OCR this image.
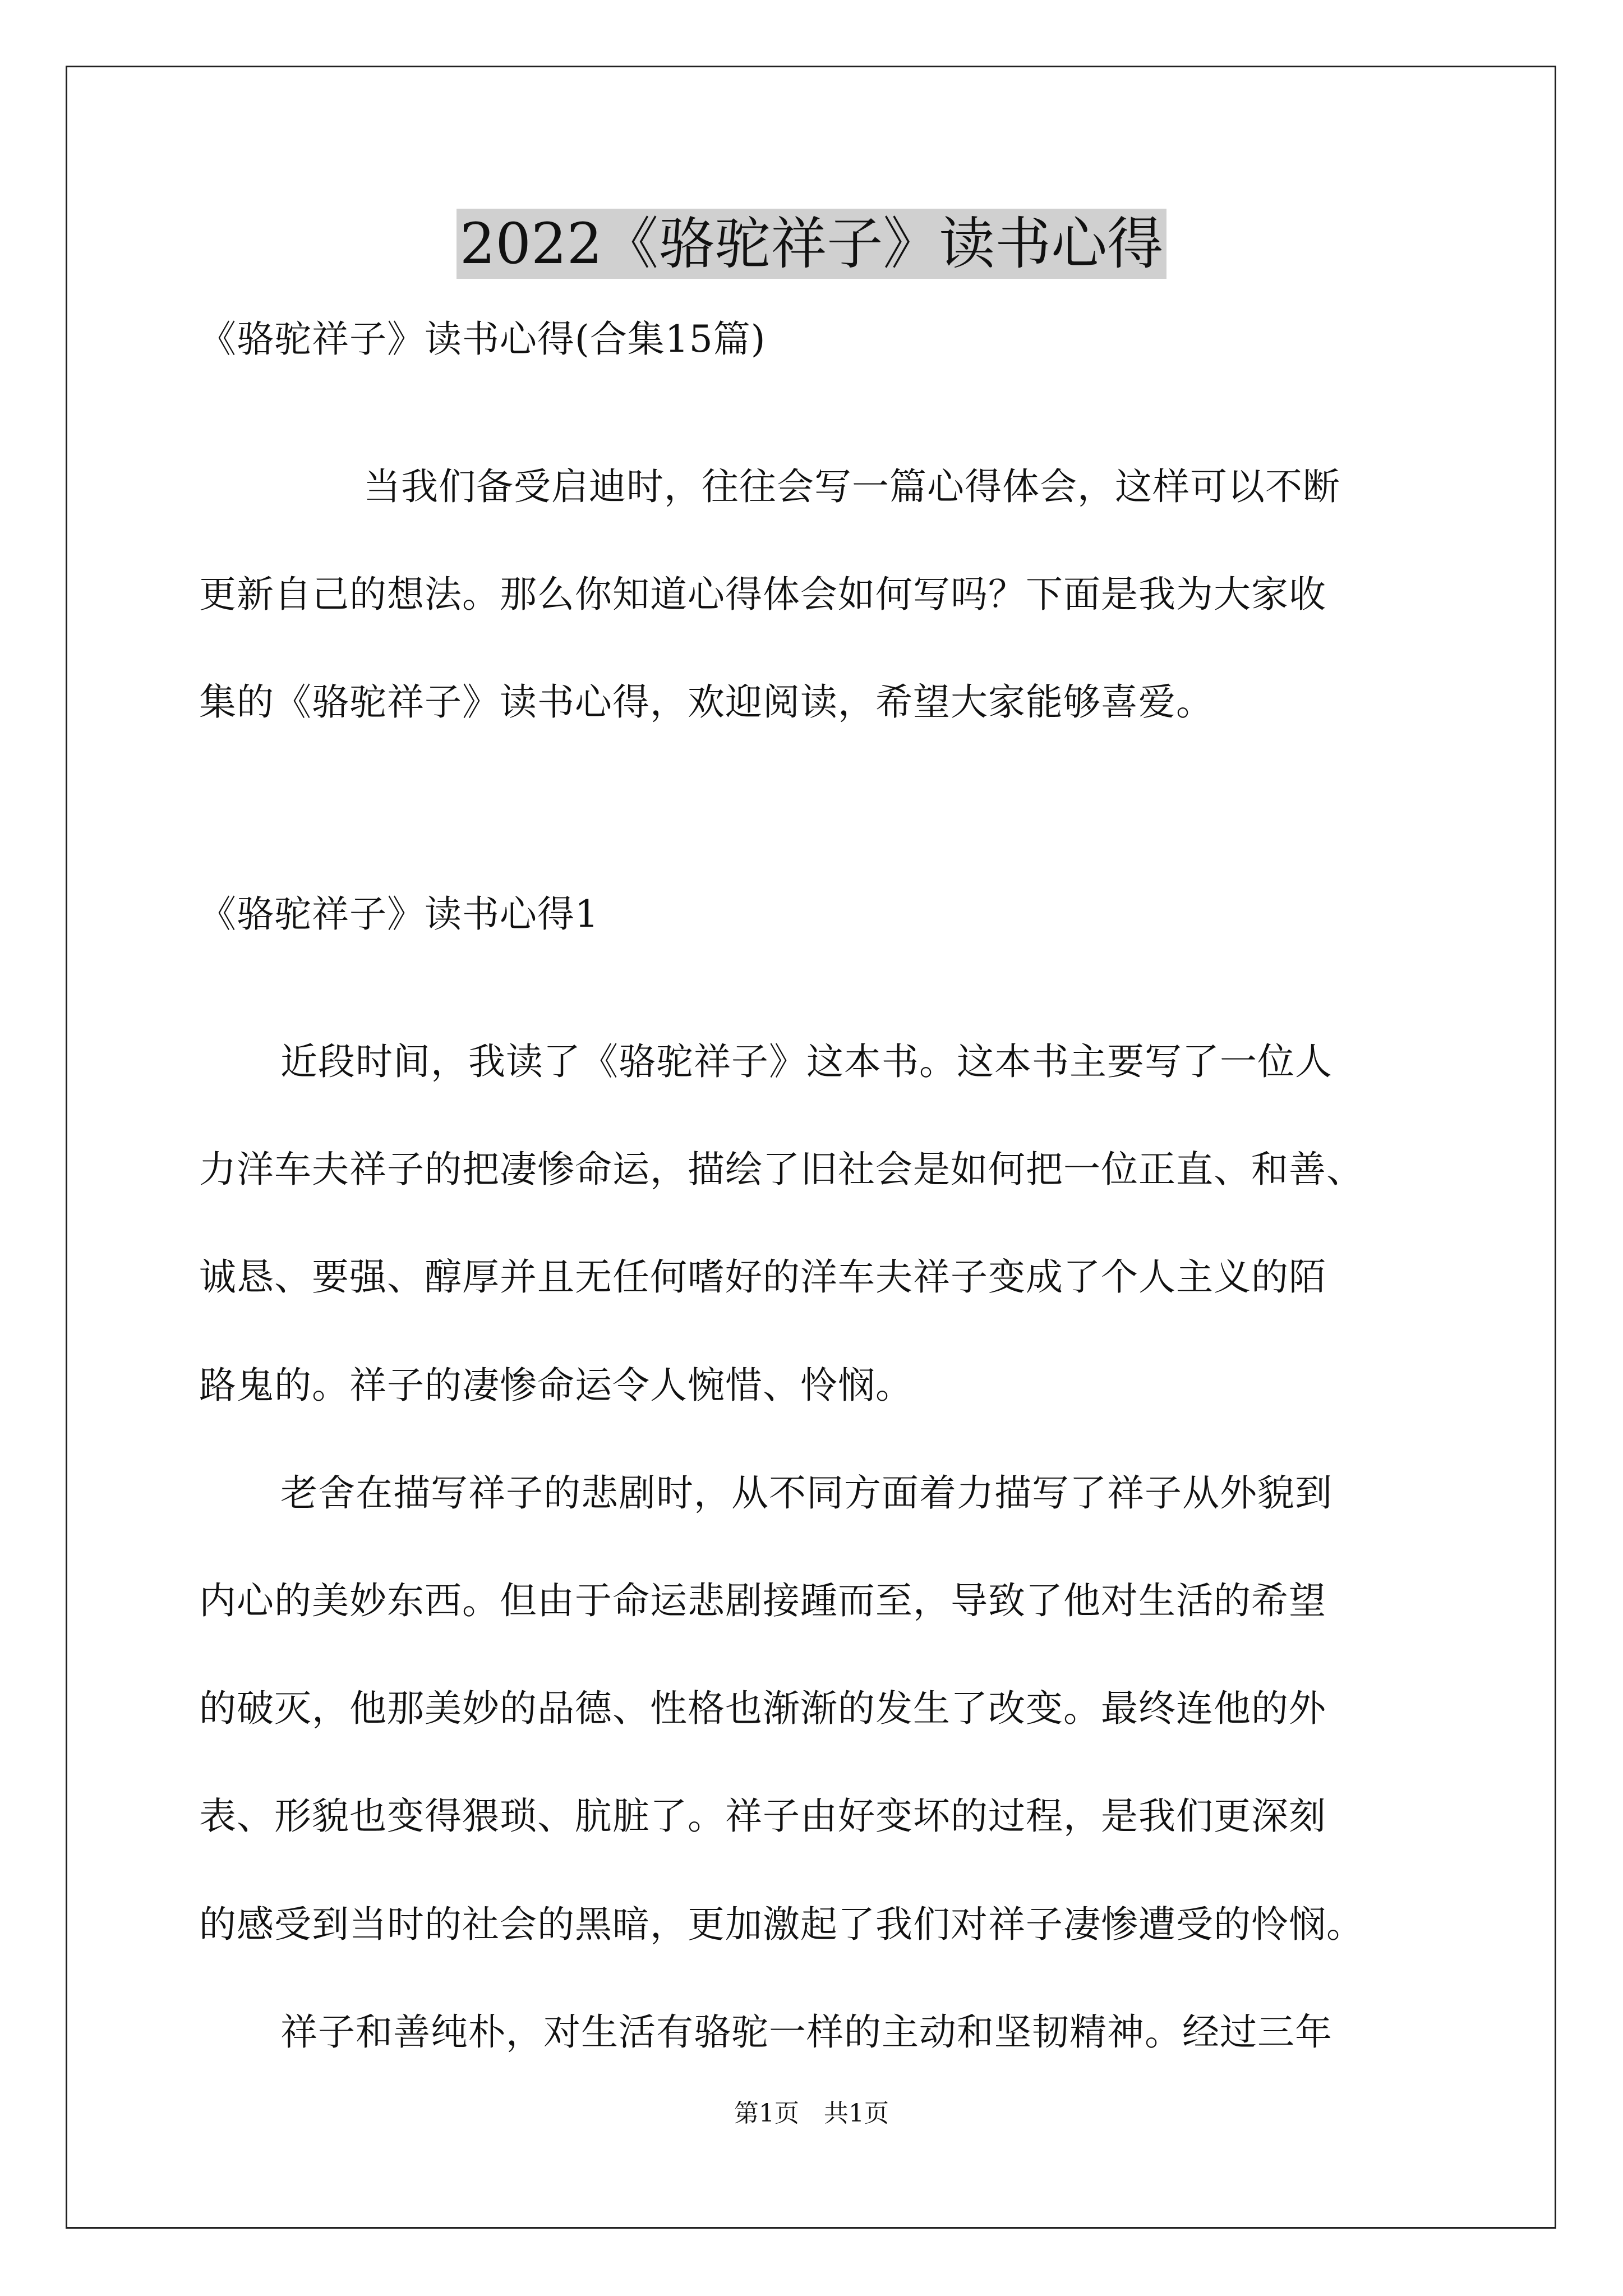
2022《骆驼祥子》读书心得
《骆驼祥子》读书心得(合集15篇)
当我们备受启迪时，往往会写一篇心得体会，这样可以不断
更新自己的想法。那么你知道心得体会如何写吗？下面是我为大家收
集的《骆驼祥子》读书心得，欢迎阅读，希望大家能够喜爱。
《骆驼祥子》读书心得1
近段时间，我读了《骆驼祥子》这本书。这本书主要写了一位人
力洋车夫祥子的把凄惨命运，描绘了旧社会是如何把一位正直、和善、
诚恳、要强、醇厚并且无任何嗜好的洋车夫祥子变成了个人主义的陌
路鬼的。祥子的凄惨命运令人惋惜、怜悯。
老舍在描写祥子的悲剧时，从不同方面着力描写了祥子从外貌到
内心的美妙东西。但由于命运悲剧接踵而至，导致了他对生活的希望
的破灭，他那美妙的品德、性格也渐渐的发生了改变。最终连他的外
表、形貌也变得猥琐、肮脏了。祥子由好变坏的过程，是我们更深刻
的感受到当时的社会的黑暗，更加激起了我们对祥子凄惨遭受的怜悯。
祥子和善纯朴，对生活有骆驼一样的主动和坚韧精神。经过三年
第1页　共1页
